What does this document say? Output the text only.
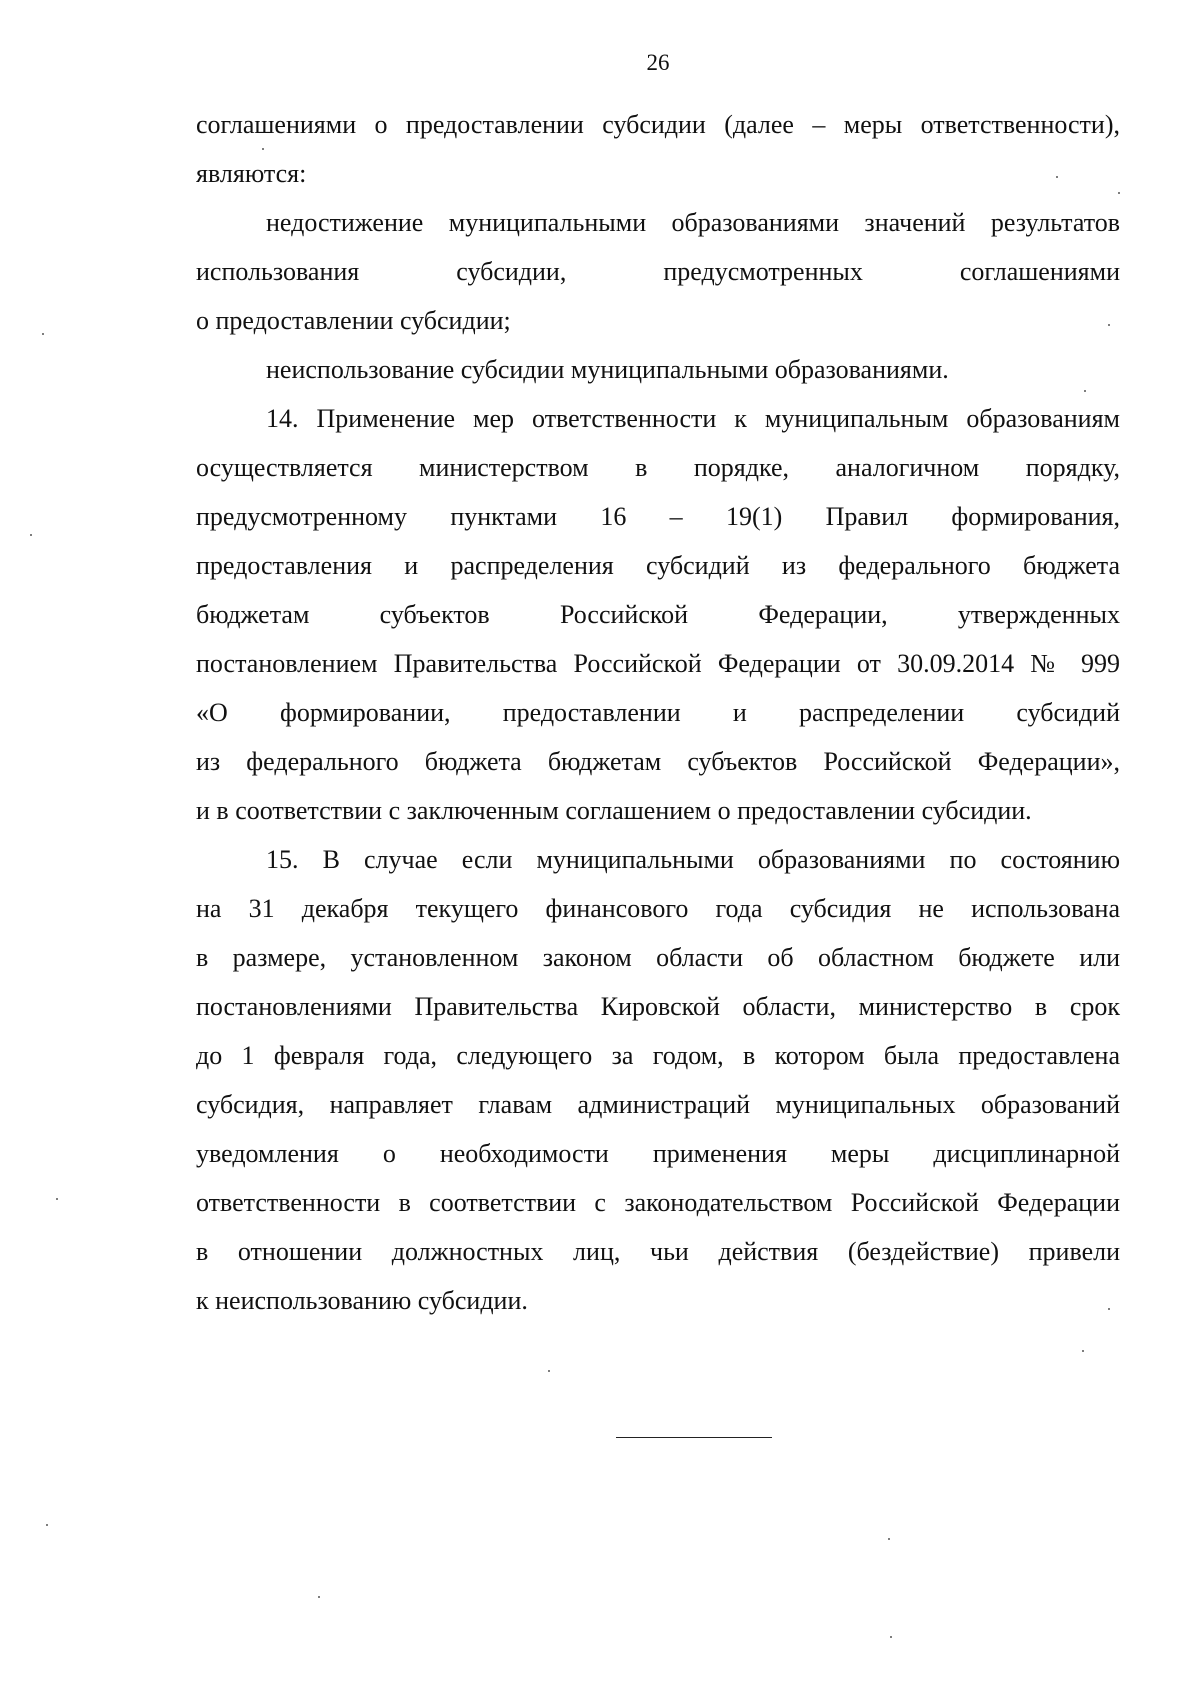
26
соглашениями о предоставлении субсидии (далее – меры ответственности),
являются:
недостижение муниципальными образованиями значений результатов
использования субсидии, предусмотренных соглашениями
о предоставлении субсидии;
неиспользование субсидии муниципальными образованиями.
14. Применение мер ответственности к муниципальным образованиям
осуществляется министерством в порядке, аналогичном порядку,
предусмотренному пунктами 16 – 19(1) Правил формирования,
предоставления и распределения субсидий из федерального бюджета
бюджетам субъектов Российской Федерации, утвержденных
постановлением Правительства Российской Федерации от 30.09.2014 № 999
«О формировании, предоставлении и распределении субсидий
из федерального бюджета бюджетам субъектов Российской Федерации»,
и в соответствии с заключенным соглашением о предоставлении субсидии.
15. В случае если муниципальными образованиями по состоянию
на 31 декабря текущего финансового года субсидия не использована
в размере, установленном законом области об областном бюджете или
постановлениями Правительства Кировской области, министерство в срок
до 1 февраля года, следующего за годом, в котором была предоставлена
субсидия, направляет главам администраций муниципальных образований
уведомления о необходимости применения меры дисциплинарной
ответственности в соответствии с законодательством Российской Федерации
в отношении должностных лиц, чьи действия (бездействие) привели
к неиспользованию субсидии.
